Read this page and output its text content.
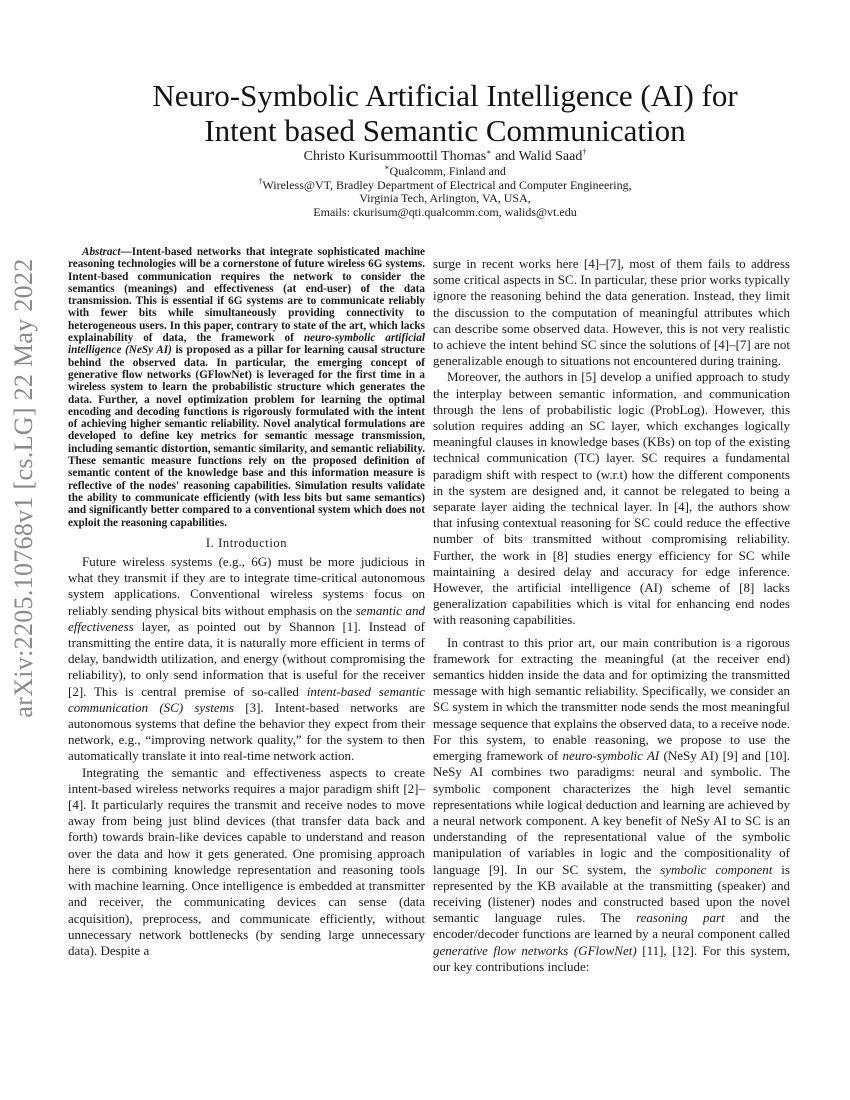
arXiv:2205.10768v1 [cs.LG] 22 May 2022
Neuro-Symbolic Artificial Intelligence (AI) for
Intent based Semantic Communication
Christo Kurisummoottil Thomas∗ and Walid Saad†
∗Qualcomm, Finland and
†Wireless@VT, Bradley Department of Electrical and Computer Engineering,
Virginia Tech, Arlington, VA, USA,
Emails: ckurisum@qti.qualcomm.com, walids@vt.edu

Abstract—Intent-based networks that integrate sophisticated machine reasoning technologies will be a cornerstone of future wireless 6G systems. Intent-based communication requires the network to consider the semantics (meanings) and effectiveness (at end-user) of the data transmission. This is essential if 6G systems are to communicate reliably with fewer bits while simultaneously providing connectivity to heterogeneous users. In this paper, contrary to state of the art, which lacks explainability of data, the framework of neuro-symbolic artificial intelligence (NeSy AI) is proposed as a pillar for learning causal structure behind the observed data. In particular, the emerging concept of generative flow networks (GFlowNet) is leveraged for the first time in a wireless system to learn the probabilistic structure which generates the data. Further, a novel optimization problem for learning the optimal encoding and decoding functions is rigorously formulated with the intent of achieving higher semantic reliability. Novel analytical formulations are developed to define key metrics for semantic message transmission, including semantic distortion, semantic similarity, and semantic reliability. These semantic measure functions rely on the proposed definition of semantic content of the knowledge base and this information measure is reflective of the nodes' reasoning capabilities. Simulation results validate the ability to communicate efficiently (with less bits but same semantics) and significantly better compared to a conventional system which does not exploit the reasoning capabilities.

I. Introduction

Future wireless systems (e.g., 6G) must be more judicious in what they transmit if they are to integrate time-critical autonomous system applications. Conventional wireless systems focus on reliably sending physical bits without emphasis on the semantic and effectiveness layer, as pointed out by Shannon [1]. Instead of transmitting the entire data, it is naturally more efficient in terms of delay, bandwidth utilization, and energy (without compromising the reliability), to only send information that is useful for the receiver [2]. This is central premise of so-called intent-based semantic communication (SC) systems [3]. Intent-based networks are autonomous systems that define the behavior they expect from their network, e.g., “improving network quality,” for the system to then automatically translate it into real-time network action.

Integrating the semantic and effectiveness aspects to create intent-based wireless networks requires a major paradigm shift [2]–[4]. It particularly requires the transmit and receive nodes to move away from being just blind devices (that transfer data back and forth) towards brain-like devices capable to understand and reason over the data and how it gets generated. One promising approach here is combining knowledge representation and reasoning tools with machine learning. Once intelligence is embedded at transmitter and receiver, the communicating devices can sense (data acquisition), preprocess, and communicate efficiently, without unnecessary network bottlenecks (by sending large unnecessary data). Despite a

surge in recent works here [4]–[7], most of them fails to address some critical aspects in SC. In particular, these prior works typically ignore the reasoning behind the data generation. Instead, they limit the discussion to the computation of meaningful attributes which can describe some observed data. However, this is not very realistic to achieve the intent behind SC since the solutions of [4]–[7] are not generalizable enough to situations not encountered during training.

Moreover, the authors in [5] develop a unified approach to study the interplay between semantic information, and communication through the lens of probabilistic logic (ProbLog). However, this solution requires adding an SC layer, which exchanges logically meaningful clauses in knowledge bases (KBs) on top of the existing technical communication (TC) layer. SC requires a fundamental paradigm shift with respect to (w.r.t) how the different components in the system are designed and, it cannot be relegated to being a separate layer aiding the technical layer. In [4], the authors show that infusing contextual reasoning for SC could reduce the effective number of bits transmitted without compromising reliability. Further, the work in [8] studies energy efficiency for SC while maintaining a desired delay and accuracy for edge inference. However, the artificial intelligence (AI) scheme of [8] lacks generalization capabilities which is vital for enhancing end nodes with reasoning capabilities.

In contrast to this prior art, our main contribution is a rigorous framework for extracting the meaningful (at the receiver end) semantics hidden inside the data and for optimizing the transmitted message with high semantic reliability. Specifically, we consider an SC system in which the transmitter node sends the most meaningful message sequence that explains the observed data, to a receive node. For this system, to enable reasoning, we propose to use the emerging framework of neuro-symbolic AI (NeSy AI) [9] and [10]. NeSy AI combines two paradigms: neural and symbolic. The symbolic component characterizes the high level semantic representations while logical deduction and learning are achieved by a neural network component. A key benefit of NeSy AI to SC is an understanding of the representational value of the symbolic manipulation of variables in logic and the compositionality of language [9]. In our SC system, the symbolic component is represented by the KB available at the transmitting (speaker) and receiving (listener) nodes and constructed based upon the novel semantic language rules. The reasoning part and the encoder/decoder functions are learned by a neural component called generative flow networks (GFlowNet) [11], [12]. For this system, our key contributions include:
